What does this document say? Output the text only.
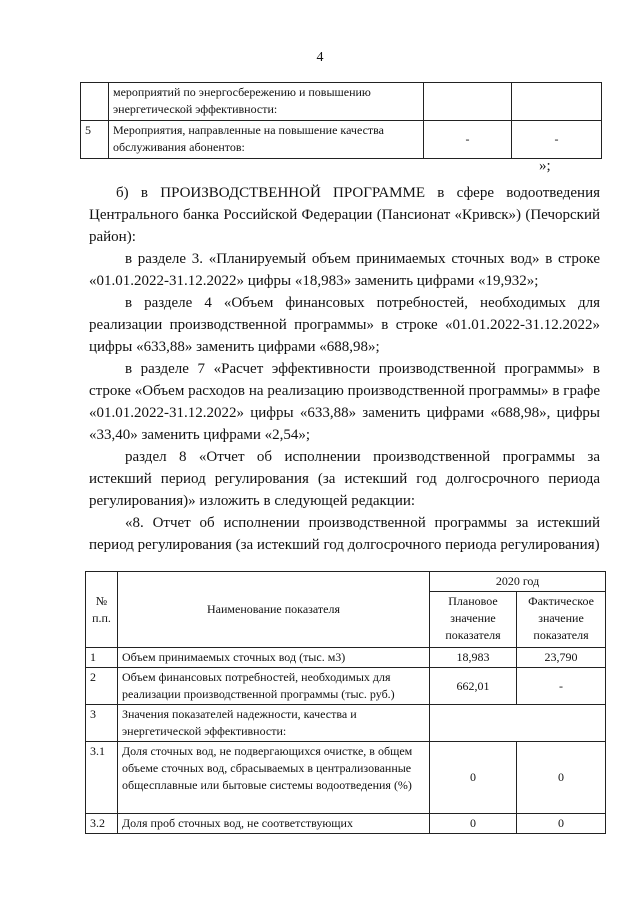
4
	мероприятий по энергосбережению и повышению энергетической эффективности:		
5	Мероприятия, направленные на повышение качества обслуживания абонентов:	-	-
»;

б) в ПРОИЗВОДСТВЕННОЙ ПРОГРАММЕ в сфере водоотведения Центрального банка Российской Федерации (Пансионат «Кривск») (Печорский район):

в разделе 3. «Планируемый объем принимаемых сточных вод» в строке «01.01.2022-31.12.2022» цифры «18,983» заменить цифрами «19,932»;

в разделе 4 «Объем финансовых потребностей, необходимых для реализации производственной программы» в строке «01.01.2022-31.12.2022» цифры «633,88» заменить цифрами «688,98»;

в разделе 7 «Расчет эффективности производственной программы» в строке «Объем расходов на реализацию производственной программы» в графе «01.01.2022-31.12.2022» цифры «633,88» заменить цифрами «688,98», цифры «33,40» заменить цифрами «2,54»;

раздел 8 «Отчет об исполнении производственной программы за истекший период регулирования (за истекший год долгосрочного периода регулирования)» изложить в следующей редакции:

«8. Отчет об исполнении производственной программы за истекший период регулирования (за истекший год долгосрочного периода регулирования)

№ п.п.	Наименование показателя	2020 год	
		Плановое значение показателя	Фактическое значение показателя
1	Объем принимаемых сточных вод (тыс. м3)	18,983	23,790
2	Объем финансовых потребностей, необходимых для реализации производственной программы (тыс. руб.)	662,01	-
3	Значения показателей надежности, качества и энергетической эффективности:		
3.1	Доля сточных вод, не подвергающихся очистке, в общем объеме сточных вод, сбрасываемых в централизованные общесплавные или бытовые системы водоотведения (%)	0	0
3.2	Доля проб сточных вод, не соответствующих	0	0
